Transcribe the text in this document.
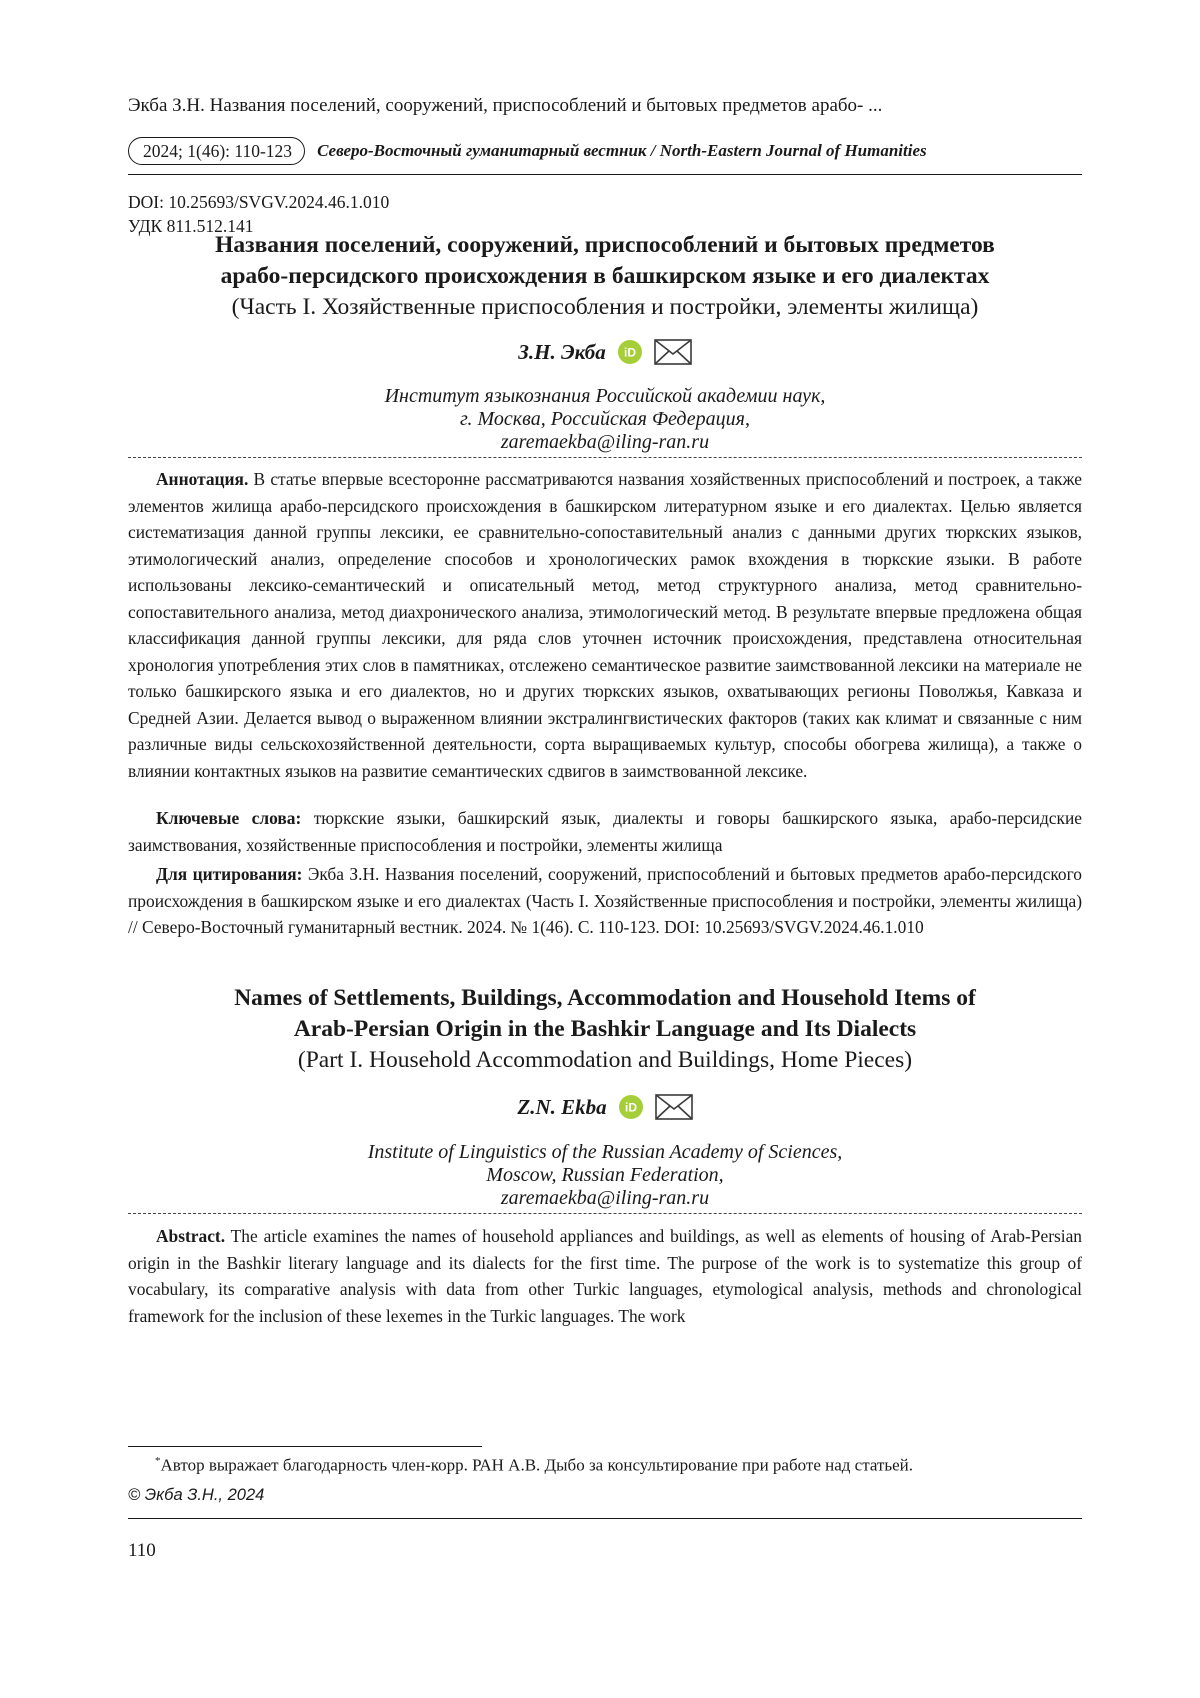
Экба З.Н. Названия поселений, сооружений, приспособлений и бытовых предметов арабо- ...
2024; 1(46): 110-123	Северо-Восточный гуманитарный вестник / North-Eastern Journal of Humanities
DOI: 10.25693/SVGV.2024.46.1.010
УДК 811.512.141
Названия поселений, сооружений, приспособлений и бытовых предметов
арабо-персидского происхождения в башкирском языке и его диалектах
(Часть I. Хозяйственные приспособления и постройки, элементы жилища)
З.Н. Экба iD
Институт языкознания Российской академии наук,
г. Москва, Российская Федерация,
zaremaekba@iling-ran.ru
Аннотация. В статье впервые всесторонне рассматриваются названия хозяйственных приспособлений и построек, а также элементов жилища арабо-персидского происхождения в башкирском литературном языке и его диалектах. Целью является систематизация данной группы лексики, ее сравнительно-сопоставительный анализ с данными других тюркских языков, этимологический анализ, определение способов и хронологических рамок вхождения в тюркские языки. В работе использованы лексико-семантический и описательный метод, метод структурного анализа, метод сравнительно-сопоставительного анализа, метод диахронического анализа, этимологический метод. В результате впервые предложена общая классификация данной группы лексики, для ряда слов уточнен источник происхождения, представлена относительная хронология употребления этих слов в памятниках, отслежено семантическое развитие заимствованной лексики на материале не только башкирского языка и его диалектов, но и других тюркских языков, охватывающих регионы Поволжья, Кавказа и Средней Азии. Делается вывод о выраженном влиянии экстралингвистических факторов (таких как климат и связанные с ним различные виды сельскохозяйственной деятельности, сорта выращиваемых культур, способы обогрева жилища), а также о влиянии контактных языков на развитие семантических сдвигов в заимствованной лексике.
Ключевые слова: тюркские языки, башкирский язык, диалекты и говоры башкирского языка, арабо-персидские заимствования, хозяйственные приспособления и постройки, элементы жилища
Для цитирования: Экба З.Н. Названия поселений, сооружений, приспособлений и бытовых предметов арабо-персидского происхождения в башкирском языке и его диалектах (Часть I. Хозяйственные приспособления и постройки, элементы жилища) // Северо-Восточный гуманитарный вестник. 2024. № 1(46). С. 110-123. DOI: 10.25693/SVGV.2024.46.1.010
Names of Settlements, Buildings, Accommodation and Household Items of
Arab-Persian Origin in the Bashkir Language and Its Dialects
(Part I. Household Accommodation and Buildings, Home Pieces)
Z.N. Ekba iD
Institute of Linguistics of the Russian Academy of Sciences,
Moscow, Russian Federation,
zaremaekba@iling-ran.ru
Abstract. The article examines the names of household appliances and buildings, as well as elements of housing of Arab-Persian origin in the Bashkir literary language and its dialects for the first time. The purpose of the work is to systematize this group of vocabulary, its comparative analysis with data from other Turkic languages, etymological analysis, methods and chronological framework for the inclusion of these lexemes in the Turkic languages. The work
*Автор выражает благодарность член-корр. РАН А.В. Дыбо за консультирование при работе над статьей.
© Экба З.Н., 2024
110
